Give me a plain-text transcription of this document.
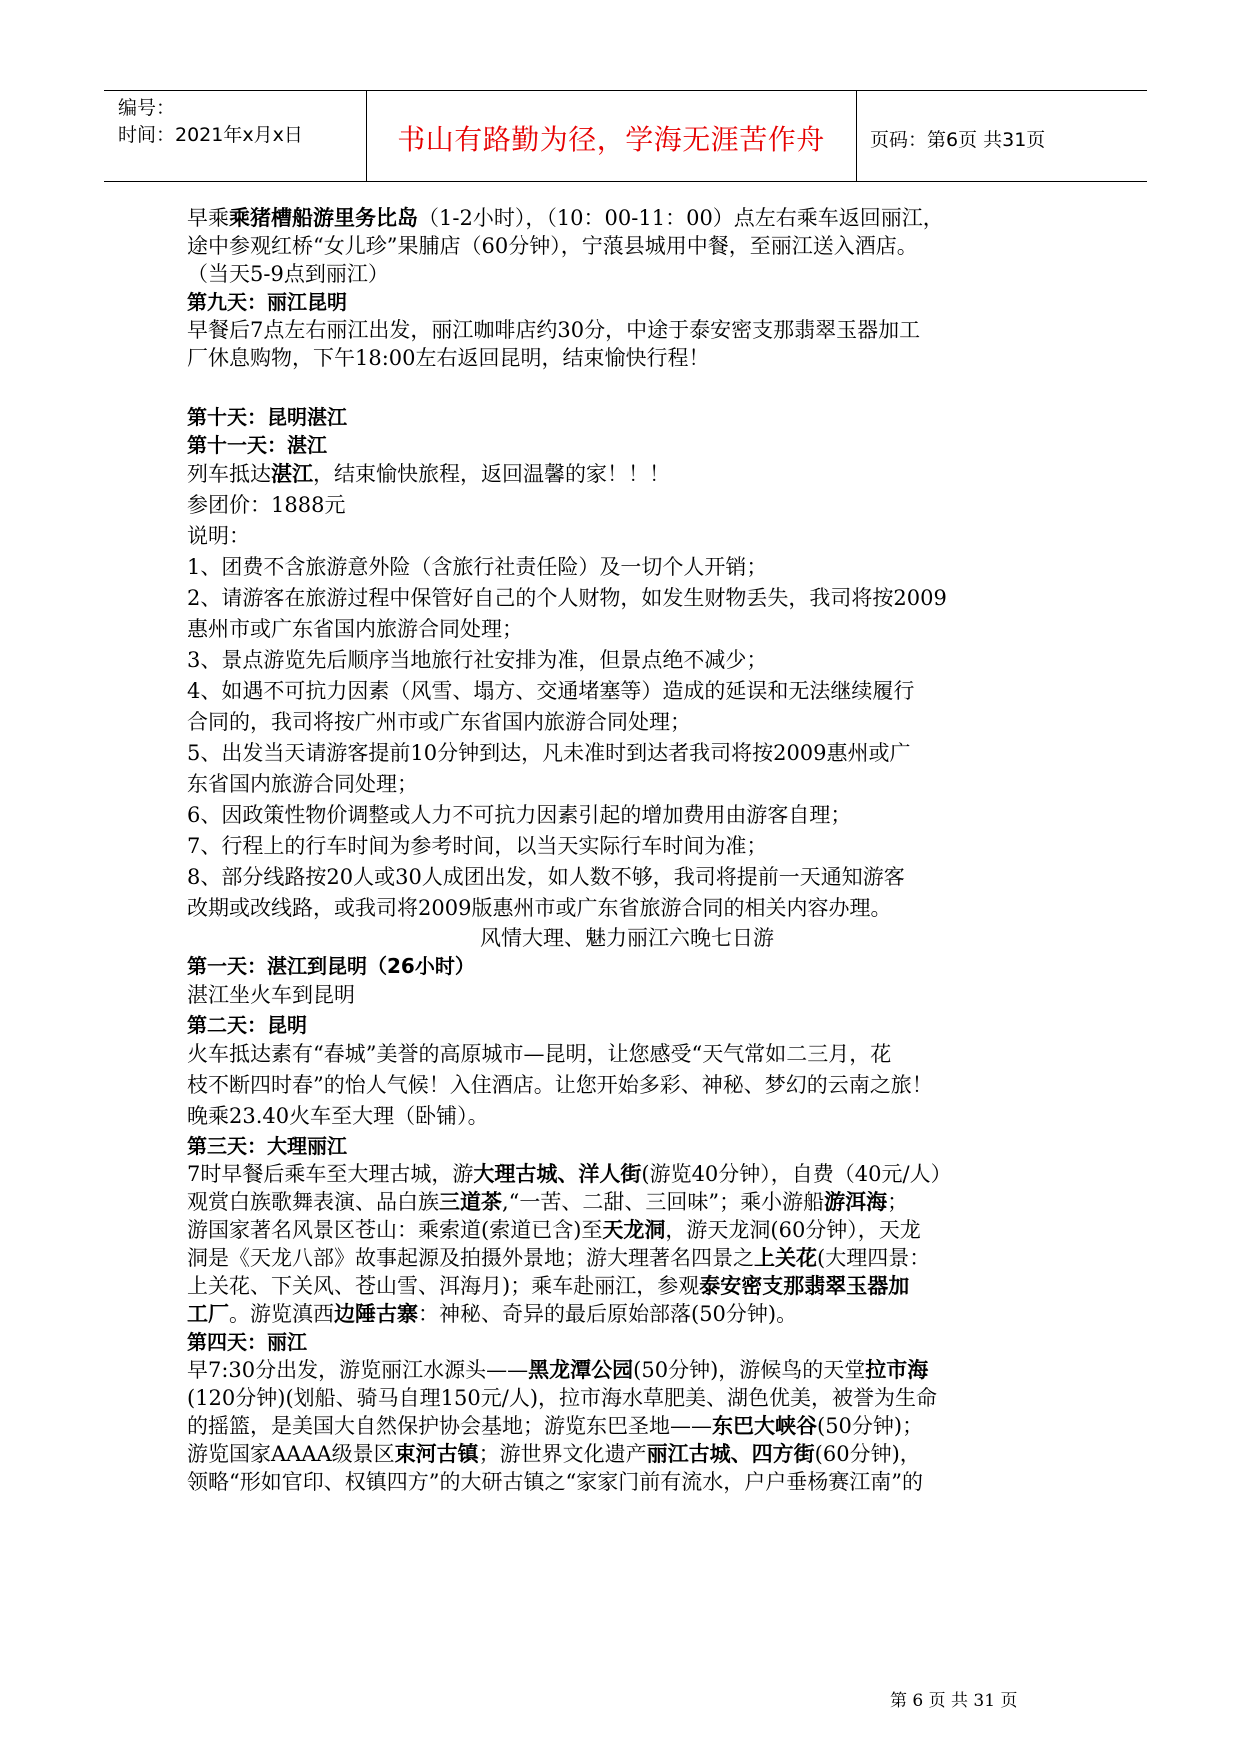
编号：
时间：2021年x月x日	书山有路勤为径，学海无涯苦作舟	页码：第6页 共31页
早乘乘猪槽船游里务比岛（1-2小时），（10：00-11：00）点左右乘车返回丽江，
途中参观红桥“女儿珍”果脯店（60分钟），宁蒗县城用中餐，至丽江送入酒店。
（当天5-9点到丽江）
第九天：丽江昆明
早餐后7点左右丽江出发，丽江咖啡店约30分，中途于泰安密支那翡翠玉器加工
厂休息购物，下午18:00左右返回昆明，结束愉快行程！
第十天：昆明湛江
第十一天：湛江
列车抵达湛江，结束愉快旅程，返回温馨的家！！！
参团价：1888元
说明：
1、团费不含旅游意外险（含旅行社责任险）及一切个人开销；
2、请游客在旅游过程中保管好自己的个人财物，如发生财物丢失，我司将按2009
惠州市或广东省国内旅游合同处理；
3、景点游览先后顺序当地旅行社安排为准，但景点绝不减少；
4、如遇不可抗力因素（风雪、塌方、交通堵塞等）造成的延误和无法继续履行
合同的，我司将按广州市或广东省国内旅游合同处理；
5、出发当天请游客提前10分钟到达，凡未准时到达者我司将按2009惠州或广
东省国内旅游合同处理；
6、因政策性物价调整或人力不可抗力因素引起的增加费用由游客自理；
7、行程上的行车时间为参考时间，以当天实际行车时间为准；
8、部分线路按20人或30人成团出发，如人数不够，我司将提前一天通知游客
改期或改线路，或我司将2009版惠州市或广东省旅游合同的相关内容办理。
风情大理、魅力丽江六晚七日游
第一天：湛江到昆明（26小时）
湛江坐火车到昆明
第二天：昆明
火车抵达素有“春城”美誉的高原城市—昆明，让您感受“天气常如二三月，花
枝不断四时春”的怡人气候！入住酒店。让您开始多彩、神秘、梦幻的云南之旅！
晚乘23.40火车至大理（卧铺）。
第三天：大理丽江
7时早餐后乘车至大理古城，游大理古城、洋人街(游览40分钟），自费（40元/人）
观赏白族歌舞表演、品白族三道茶,“一苦、二甜、三回味”；乘小游船游洱海；
游国家著名风景区苍山：乘索道(索道已含)至天龙洞，游天龙洞(60分钟），天龙
洞是《天龙八部》故事起源及拍摄外景地；游大理著名四景之上关花(大理四景：
上关花、下关风、苍山雪、洱海月)；乘车赴丽江，参观泰安密支那翡翠玉器加
工厂。游览滇西边陲古寨：神秘、奇异的最后原始部落(50分钟)。
第四天：丽江
早7:30分出发，游览丽江水源头——黑龙潭公园(50分钟)，游候鸟的天堂拉市海
(120分钟)(划船、骑马自理150元/人)，拉市海水草肥美、湖色优美，被誉为生命
的摇篮，是美国大自然保护协会基地；游览东巴圣地——东巴大峡谷(50分钟)；
游览国家AAAA级景区束河古镇；游世界文化遗产丽江古城、四方街(60分钟)，
领略“形如官印、权镇四方”的大研古镇之“家家门前有流水，户户垂杨赛江南”的
第 6 页 共 31 页
